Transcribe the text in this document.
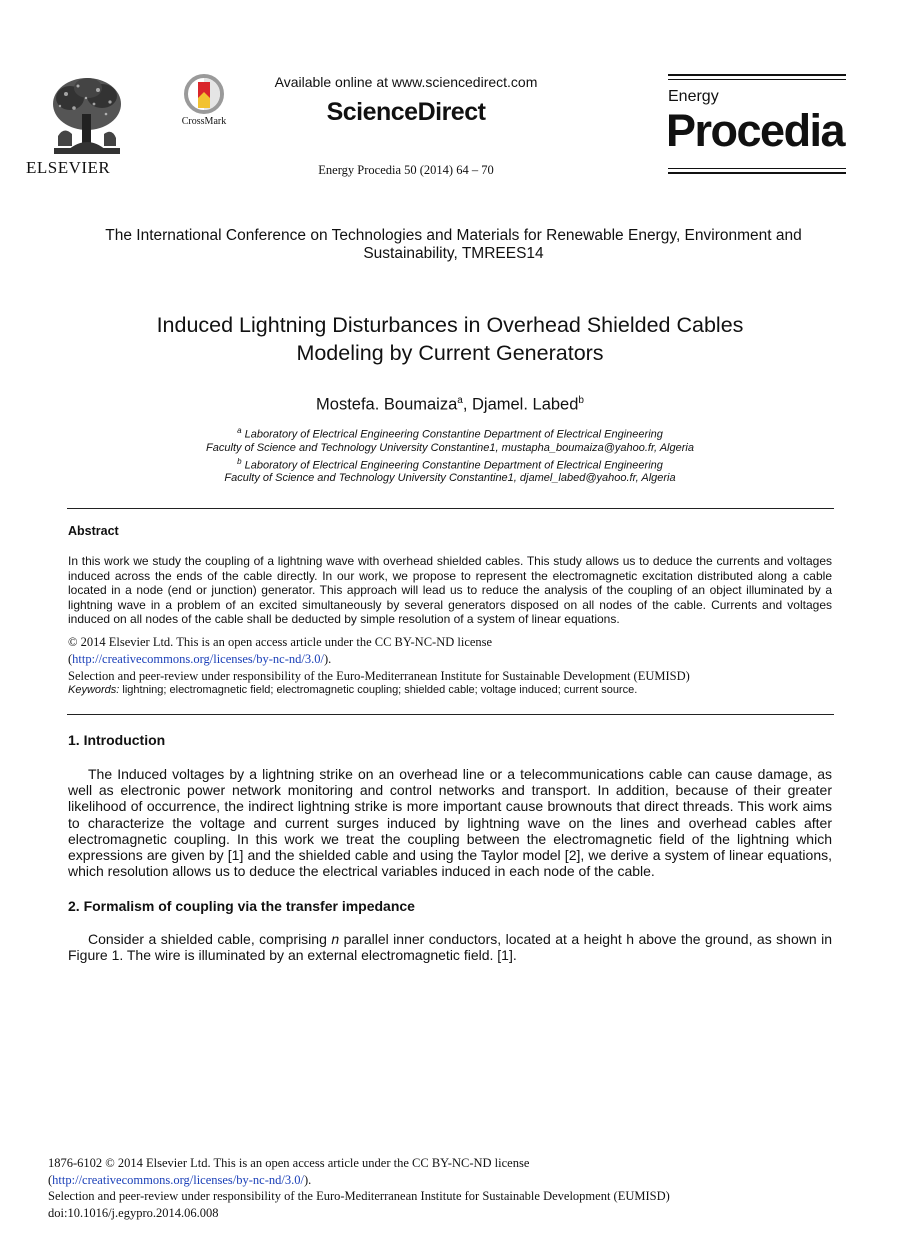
ELSEVIER
CrossMark
Available online at www.sciencedirect.com
ScienceDirect
Energy Procedia 50 (2014) 64 – 70
Energy
Procedia
The International Conference on Technologies and Materials for Renewable Energy, Environment and Sustainability, TMREES14
Induced Lightning Disturbances in Overhead Shielded Cables
Modeling by Current Generators
Mostefa. Boumaiza$^a$, Djamel. Labed$^b$
$^a$ Laboratory of Electrical Engineering Constantine Department of Electrical Engineering
Faculty of Science and Technology University Constantine1, mustapha_boumaiza@yahoo.fr, Algeria
$^b$ Laboratory of Electrical Engineering Constantine Department of Electrical Engineering
Faculty of Science and Technology University Constantine1, djamel_labed@yahoo.fr, Algeria
Abstract
In this work we study the coupling of a lightning wave with overhead shielded cables. This study allows us to deduce the currents and voltages induced across the ends of the cable directly. In our work, we propose to represent the electromagnetic excitation distributed along a cable located in a node (end or junction) generator. This approach will lead us to reduce the analysis of the coupling of an object illuminated by a lightning wave in a problem of an excited simultaneously by several generators disposed on all nodes of the cable. Currents and voltages induced on all nodes of the cable shall be deducted by simple resolution of a system of linear equations.
© 2014 Elsevier Ltd. This is an open access article under the CC BY-NC-ND license
(http://creativecommons.org/licenses/by-nc-nd/3.0/).
Selection and peer-review under responsibility of the Euro-Mediterranean Institute for Sustainable Development (EUMISD)
Keywords: lightning; electromagnetic field; electromagnetic coupling; shielded cable; voltage induced; current source.
1. Introduction
The Induced voltages by a lightning strike on an overhead line or a telecommunications cable can cause damage, as well as electronic power network monitoring and control networks and transport. In addition, because of their greater likelihood of occurrence, the indirect lightning strike is more important cause brownouts that direct threads. This work aims to characterize the voltage and current surges induced by lightning wave on the lines and overhead cables after electromagnetic coupling. In this work we treat the coupling between the electromagnetic field of the lightning which expressions are given by [1] and the shielded cable and using the Taylor model [2], we derive a system of linear equations, which resolution allows us to deduce the electrical variables induced in each node of the cable.
2. Formalism of coupling via the transfer impedance
Consider a shielded cable, comprising n parallel inner conductors, located at a height h above the ground, as shown in Figure 1. The wire is illuminated by an external electromagnetic field. [1].
1876-6102 © 2014 Elsevier Ltd. This is an open access article under the CC BY-NC-ND license
(http://creativecommons.org/licenses/by-nc-nd/3.0/).
Selection and peer-review under responsibility of the Euro-Mediterranean Institute for Sustainable Development (EUMISD)
doi:10.1016/j.egypro.2014.06.008
